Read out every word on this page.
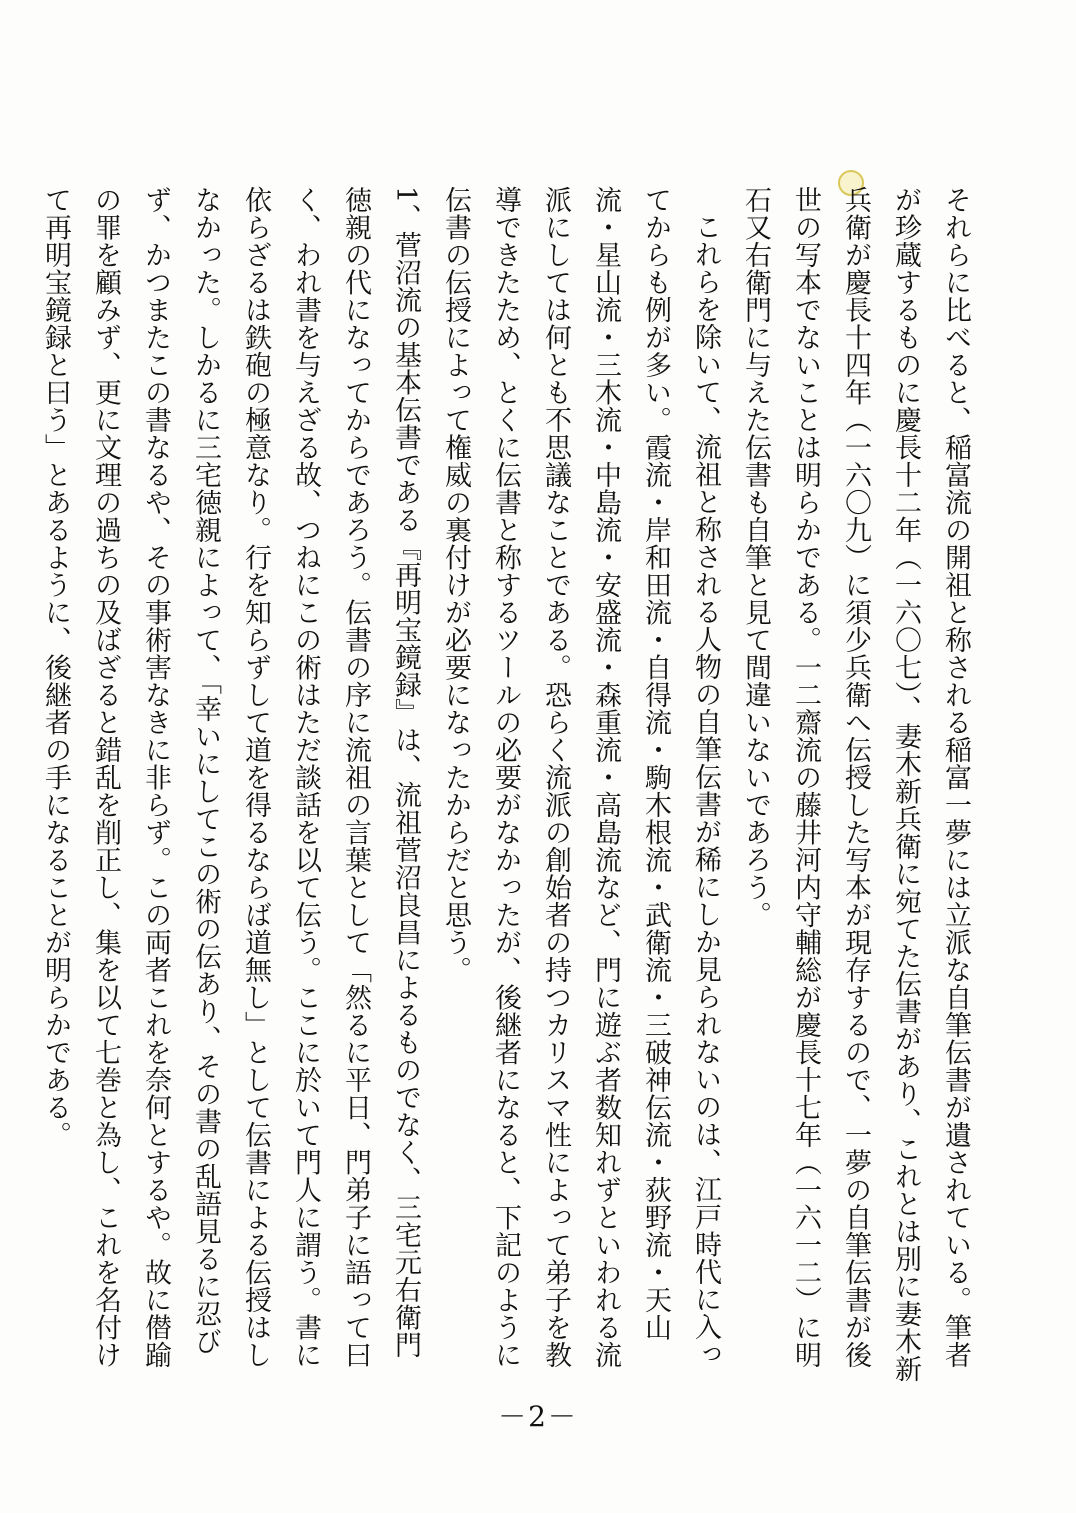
それらに比べると、稲富流の開祖と称される稲富一夢には立派な自筆伝書が遺されている。筆者が珍蔵するものに慶長十二年（一六〇七）、妻木新兵衛に宛てた伝書があり、これとは別に妻木新兵衛が慶長十四年（一六〇九）に須少兵衛へ伝授した写本が現存するので、一夢の自筆伝書が後世の写本でないことは明らかである。一二齋流の藤井河内守輔総が慶長十七年（一六一二）に明石又右衛門に与えた伝書も自筆と見て間違いないであろう。

これらを除いて、流祖と称される人物の自筆伝書が稀にしか見られないのは、江戸時代に入ってからも例が多い。霞流・岸和田流・自得流・駒木根流・武衛流・三破神伝流・荻野流・天山流・星山流・三木流・中島流・安盛流・森重流・高島流など、門に遊ぶ者数知れずといわれる流派にしては何とも不思議なことである。恐らく流派の創始者の持つカリスマ性によって弟子を教導できたため、とくに伝書と称するツールの必要がなかったが、後継者になると、下記のように伝書の伝授によって権威の裏付けが必要になったからだと思う。

1、菅沼流の基本伝書である『再明宝鏡録』は、流祖菅沼良昌によるものでなく、三宅元右衛門徳親の代になってからであろう。伝書の序に流祖の言葉として「然るに平日、門弟子に語って曰く、われ書を与えざる故、つねにこの術はただ談話を以て伝う。ここに於いて門人に謂う。書に依らざるは鉄砲の極意なり。行を知らずして道を得るならば道無し」として伝書による伝授はしなかった。しかるに三宅徳親によって、「幸いにしてこの術の伝あり、その書の乱語見るに忍びず、かつまたこの書なるや、その事術害なきに非らず。この両者これを奈何とするや。故に僣踰の罪を顧みず、更に文理の過ちの及ばざると錯乱を削正し、集を以て七巻と為し、これを名付けて再明宝鏡録と曰う」とあるように、後継者の手になることが明らかである。

－2－
